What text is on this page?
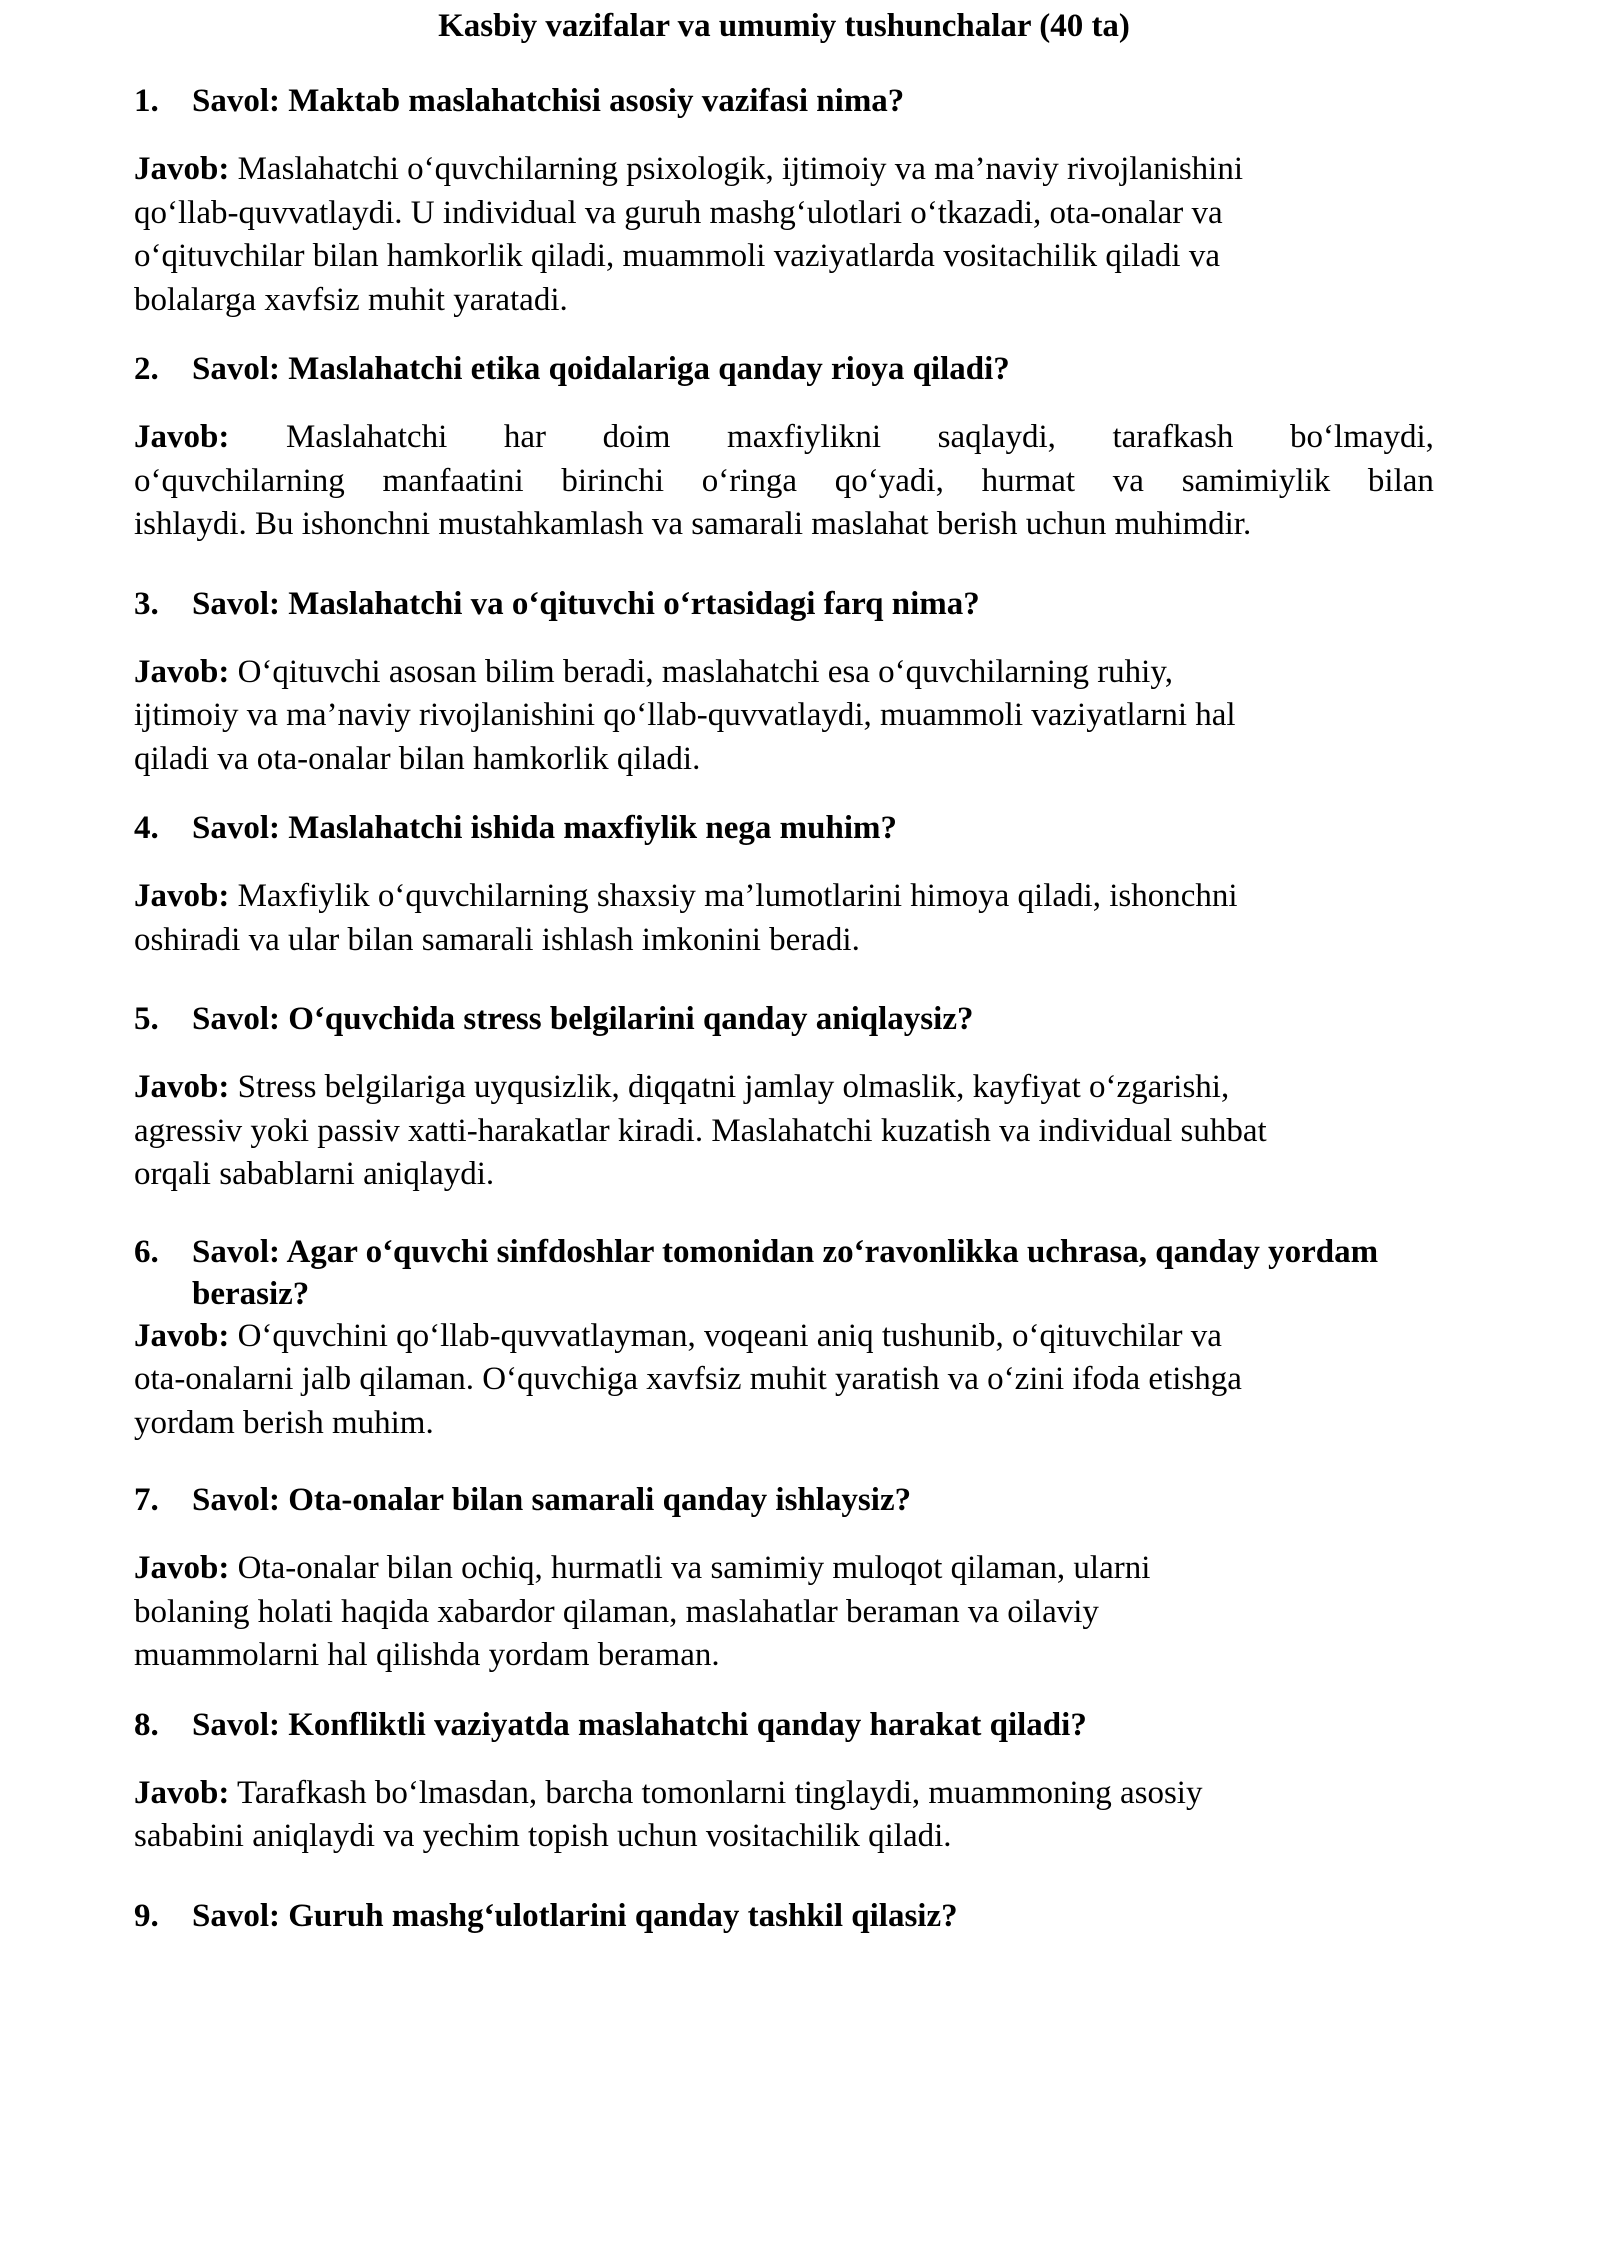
Kasbiy vazifalar va umumiy tushunchalar (40 ta)

1.	Savol: Maktab maslahatchisi asosiy vazifasi nima?

Javob: Maslahatchi o‘quvchilarning psixologik, ijtimoiy va ma’naviy rivojlanishini
qo‘llab-quvvatlaydi. U individual va guruh mashg‘ulotlari o‘tkazadi, ota-onalar va
o‘qituvchilar bilan hamkorlik qiladi, muammoli vaziyatlarda vositachilik qiladi va
bolalarga xavfsiz muhit yaratadi.

2.	Savol: Maslahatchi etika qoidalariga qanday rioya qiladi?

Javob: Maslahatchi har doim maxfiylikni saqlaydi, tarafkash bo‘lmaydi,
o‘quvchilarning manfaatini birinchi o‘ringa qo‘yadi, hurmat va samimiylik bilan
ishlaydi. Bu ishonchni mustahkamlash va samarali maslahat berish uchun muhimdir.

3.	Savol: Maslahatchi va o‘qituvchi o‘rtasidagi farq nima?

Javob: O‘qituvchi asosan bilim beradi, maslahatchi esa o‘quvchilarning ruhiy,
ijtimoiy va ma’naviy rivojlanishini qo‘llab-quvvatlaydi, muammoli vaziyatlarni hal
qiladi va ota-onalar bilan hamkorlik qiladi.

4.	Savol: Maslahatchi ishida maxfiylik nega muhim?

Javob: Maxfiylik o‘quvchilarning shaxsiy ma’lumotlarini himoya qiladi, ishonchni
oshiradi va ular bilan samarali ishlash imkonini beradi.

5.	Savol: O‘quvchida stress belgilarini qanday aniqlaysiz?

Javob: Stress belgilariga uyqusizlik, diqqatni jamlay olmaslik, kayfiyat o‘zgarishi,
agressiv yoki passiv xatti-harakatlar kiradi. Maslahatchi kuzatish va individual suhbat
orqali sabablarni aniqlaydi.

6.	Savol: Agar o‘quvchi sinfdoshlar tomonidan zo‘ravonlikka uchrasa, qanday yordam berasiz?

Javob: O‘quvchini qo‘llab-quvvatlayman, voqeani aniq tushunib, o‘qituvchilar va
ota-onalarni jalb qilaman. O‘quvchiga xavfsiz muhit yaratish va o‘zini ifoda etishga
yordam berish muhim.

7.	Savol: Ota-onalar bilan samarali qanday ishlaysiz?

Javob: Ota-onalar bilan ochiq, hurmatli va samimiy muloqot qilaman, ularni
bolaning holati haqida xabardor qilaman, maslahatlar beraman va oilaviy
muammolarni hal qilishda yordam beraman.

8.	Savol: Konfliktli vaziyatda maslahatchi qanday harakat qiladi?

Javob: Tarafkash bo‘lmasdan, barcha tomonlarni tinglaydi, muammoning asosiy
sababini aniqlaydi va yechim topish uchun vositachilik qiladi.

9.	Savol: Guruh mashg‘ulotlarini qanday tashkil qilasiz?
